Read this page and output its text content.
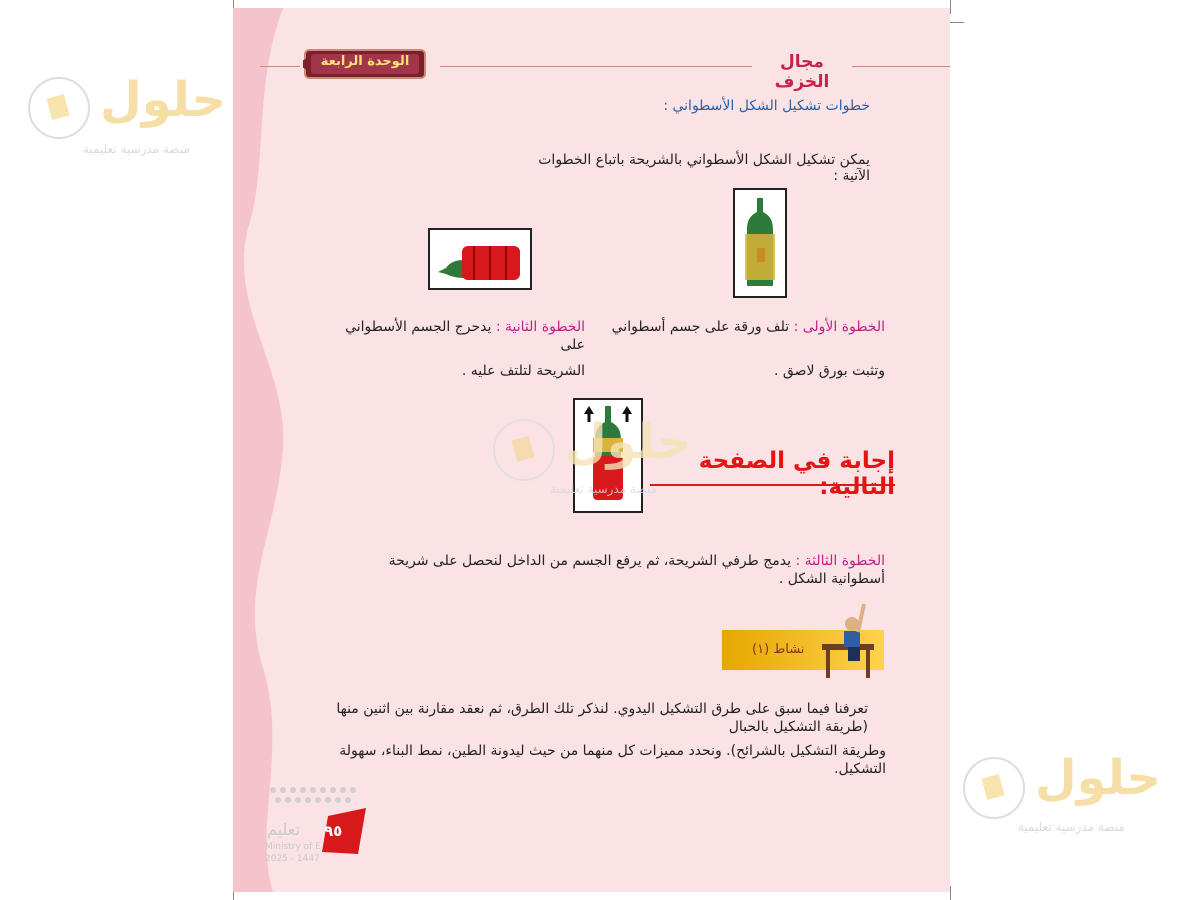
مجال الخزف
الوحدة الرابعة
خطوات تشكيل الشكل الأسطواني :
يمكن تشكيل الشكل الأسطواني بالشريحة باتباع الخطوات الآتية :
الخطوة الأولى : تلف ورقة على جسم أسطواني
وتثبت بورق لاصق .
الخطوة الثانية : يدحرج الجسم الأسطواني على
الشريحة لتلتف عليه .
إجابة في الصفحة التالية:
الخطوة الثالثة : يدمج طرفي الشريحة، ثم يرفع الجسم من الداخل لنحصل على شريحة أسطوانية الشكل .
نشاط (١)
تعرفنا فيما سبق على طرق التشكيل اليدوي. لنذكر تلك الطرق، ثم نعقد مقارنة بين اثنين منها (طريقة التشكيل بالحبال
وطريقة التشكيل بالشرائح). ونحدد مميزات كل منهما من حيث ليدونة الطين، نمط البناء، سهولة التشكيل.
تعليم
Ministry of E
2025 - 1447
٩٥
حلول
منصة مدرسية تعليمية
حلول
منصة مدرسية تعليمية
حلول
منصة مدرسية تعليمية
